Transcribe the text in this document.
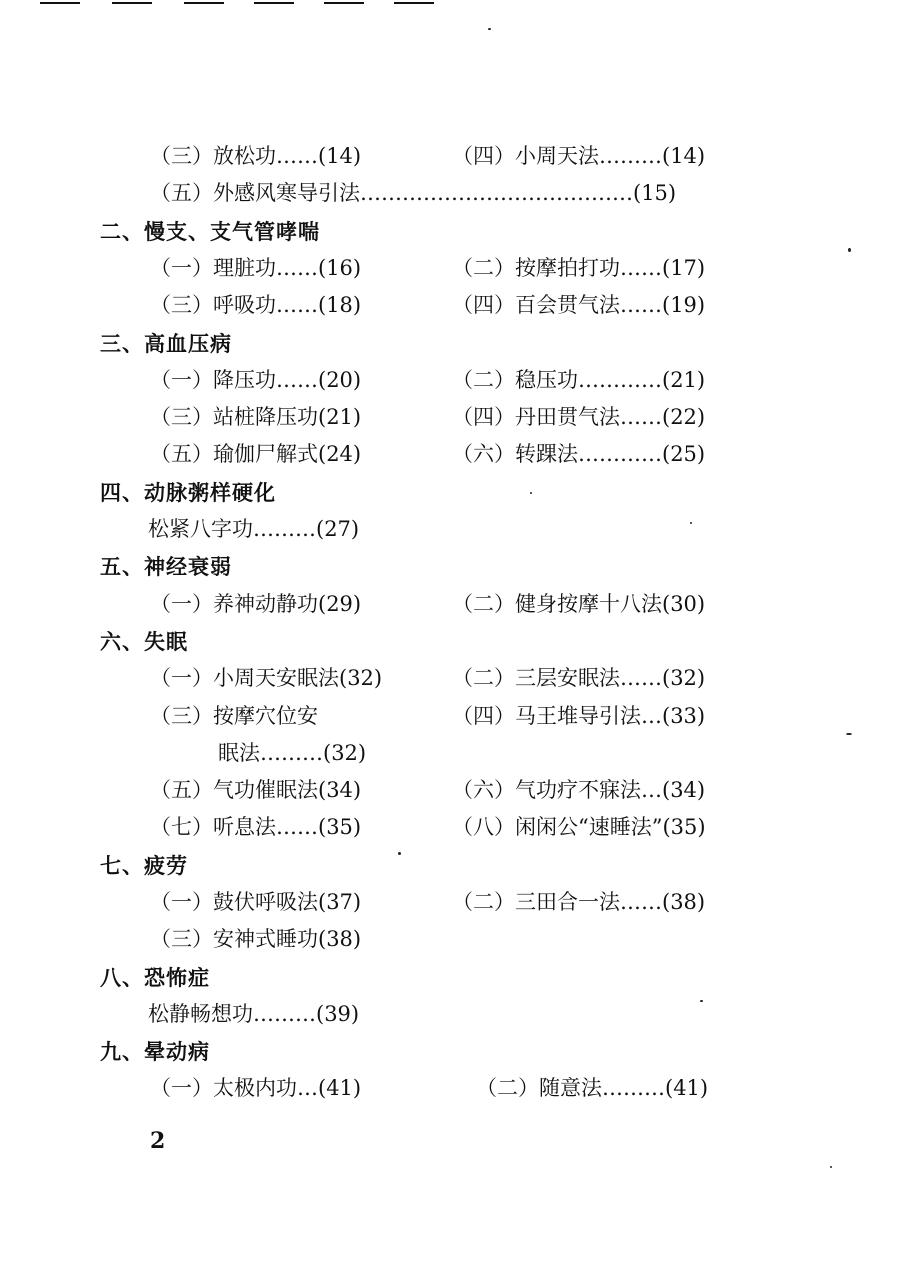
（三）放松功……(14)	（四）小周天法………(14)
（五）外感风寒导引法…………………………………(15)
二、慢支、支气管哮喘
（一）理脏功……(16)	（二）按摩拍打功……(17)
（三）呼吸功……(18)	（四）百会贯气法……(19)
三、高血压病
（一）降压功……(20)	（二）稳压功…………(21)
（三）站桩降压功(21)	（四）丹田贯气法……(22)
（五）瑜伽尸解式(24)	（六）转踝法…………(25)
四、动脉粥样硬化
松紧八字功………(27)
五、神经衰弱
（一）养神动静功(29)	（二）健身按摩十八法(30)
六、失眠
（一）小周天安眠法(32)	（二）三层安眠法……(32)
（三）按摩穴位安	（四）马王堆导引法…(33)
眠法………(32)
（五）气功催眠法(34)	（六）气功疗不寐法…(34)
（七）听息法……(35)	（八）闲闲公“速睡法”(35)
七、疲劳
（一）鼓伏呼吸法(37)	（二）三田合一法……(38)
（三）安神式睡功(38)
八、恐怖症
松静畅想功………(39)
九、晕动病
（一）太极内功…(41)	（二）随意法………(41)
2
